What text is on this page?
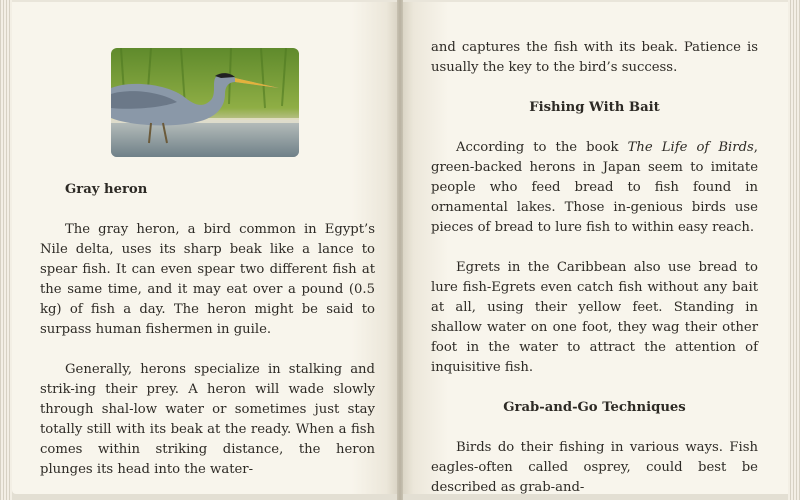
Gray heron

The gray heron, a bird common in Egypt’s Nile delta, uses its sharp beak like a lance to spear fish. It can even spear two different fish at the same time, and it may eat over a pound (0.5 kg) of fish a day. The heron might be said to surpass human fishermen in guile.

Generally, herons specialize in stalking and strik-ing their prey. A heron will wade slowly through shal-low water or sometimes just stay totally still with its beak at the ready. When a fish comes within striking distance, the heron plunges its head into the water-

and captures the fish with its beak. Patience is usually the key to the bird’s success.

Fishing With Bait

According to the book The Life of Birds, green-backed herons in Japan seem to imitate people who feed bread to fish found in ornamental lakes. Those in-genious birds use pieces of bread to lure fish to within easy reach.

Egrets in the Caribbean also use bread to lure fish-Egrets even catch fish without any bait at all, using their yellow feet. Standing in shallow water on one foot, they wag their other foot in the water to attract the attention of inquisitive fish.

Grab-and-Go Techniques

Birds do their fishing in various ways. Fish eagles-often called osprey, could best be described as grab-and-
